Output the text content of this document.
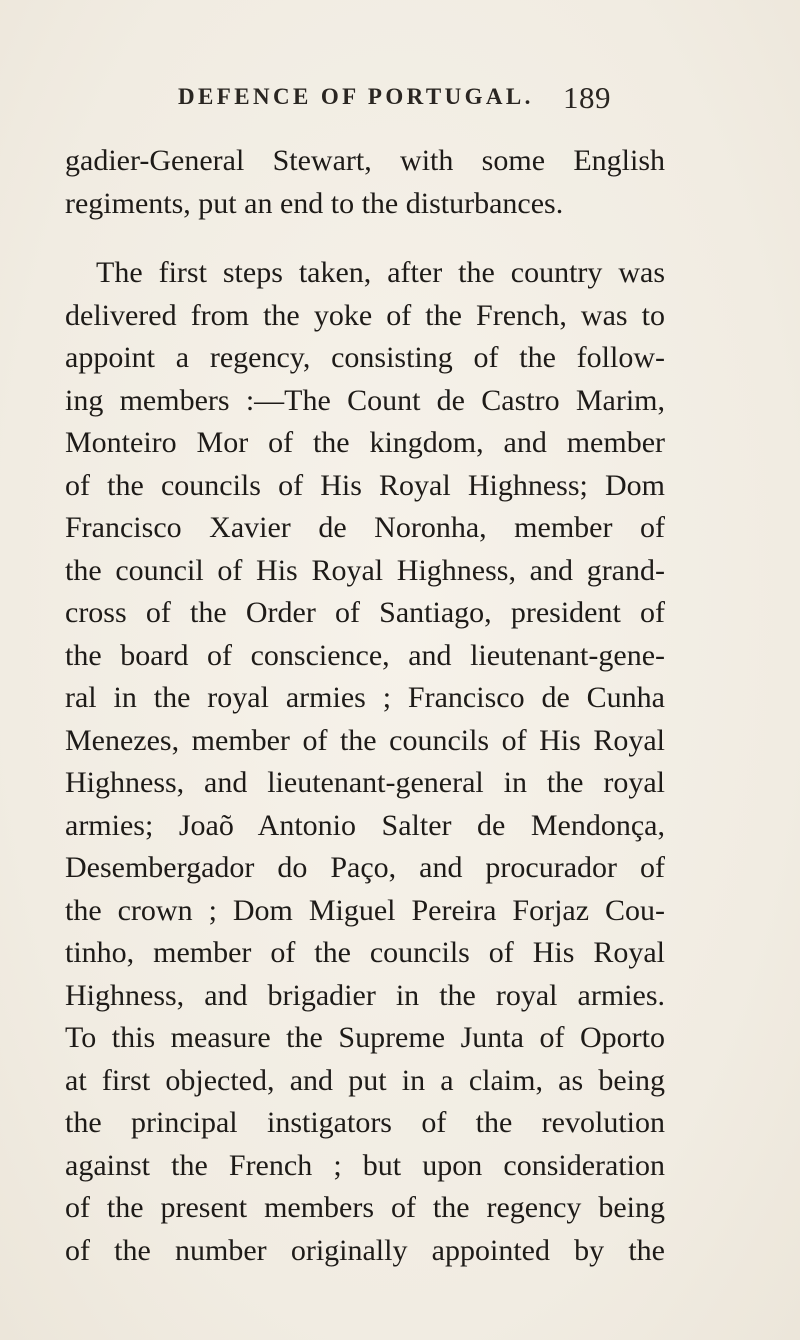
DEFENCE OF PORTUGAL. 189
gadier-General Stewart, with some English
regiments, put an end to the disturbances.
The first steps taken, after the country was
delivered from the yoke of the French, was to
appoint a regency, consisting of the follow-
ing members :—The Count de Castro Marim,
Monteiro Mor of the kingdom, and member
of the councils of His Royal Highness; Dom
Francisco Xavier de Noronha, member of
the council of His Royal Highness, and grand-
cross of the Order of Santiago, president of
the board of conscience, and lieutenant-gene-
ral in the royal armies ; Francisco de Cunha
Menezes, member of the councils of His Royal
Highness, and lieutenant-general in the royal
armies; Joaõ Antonio Salter de Mendonça,
Desembergador do Paço, and procurador of
the crown ; Dom Miguel Pereira Forjaz Cou-
tinho, member of the councils of His Royal
Highness, and brigadier in the royal armies.
To this measure the Supreme Junta of Oporto
at first objected, and put in a claim, as being
the principal instigators of the revolution
against the French ; but upon consideration
of the present members of the regency being
of the number originally appointed by the
